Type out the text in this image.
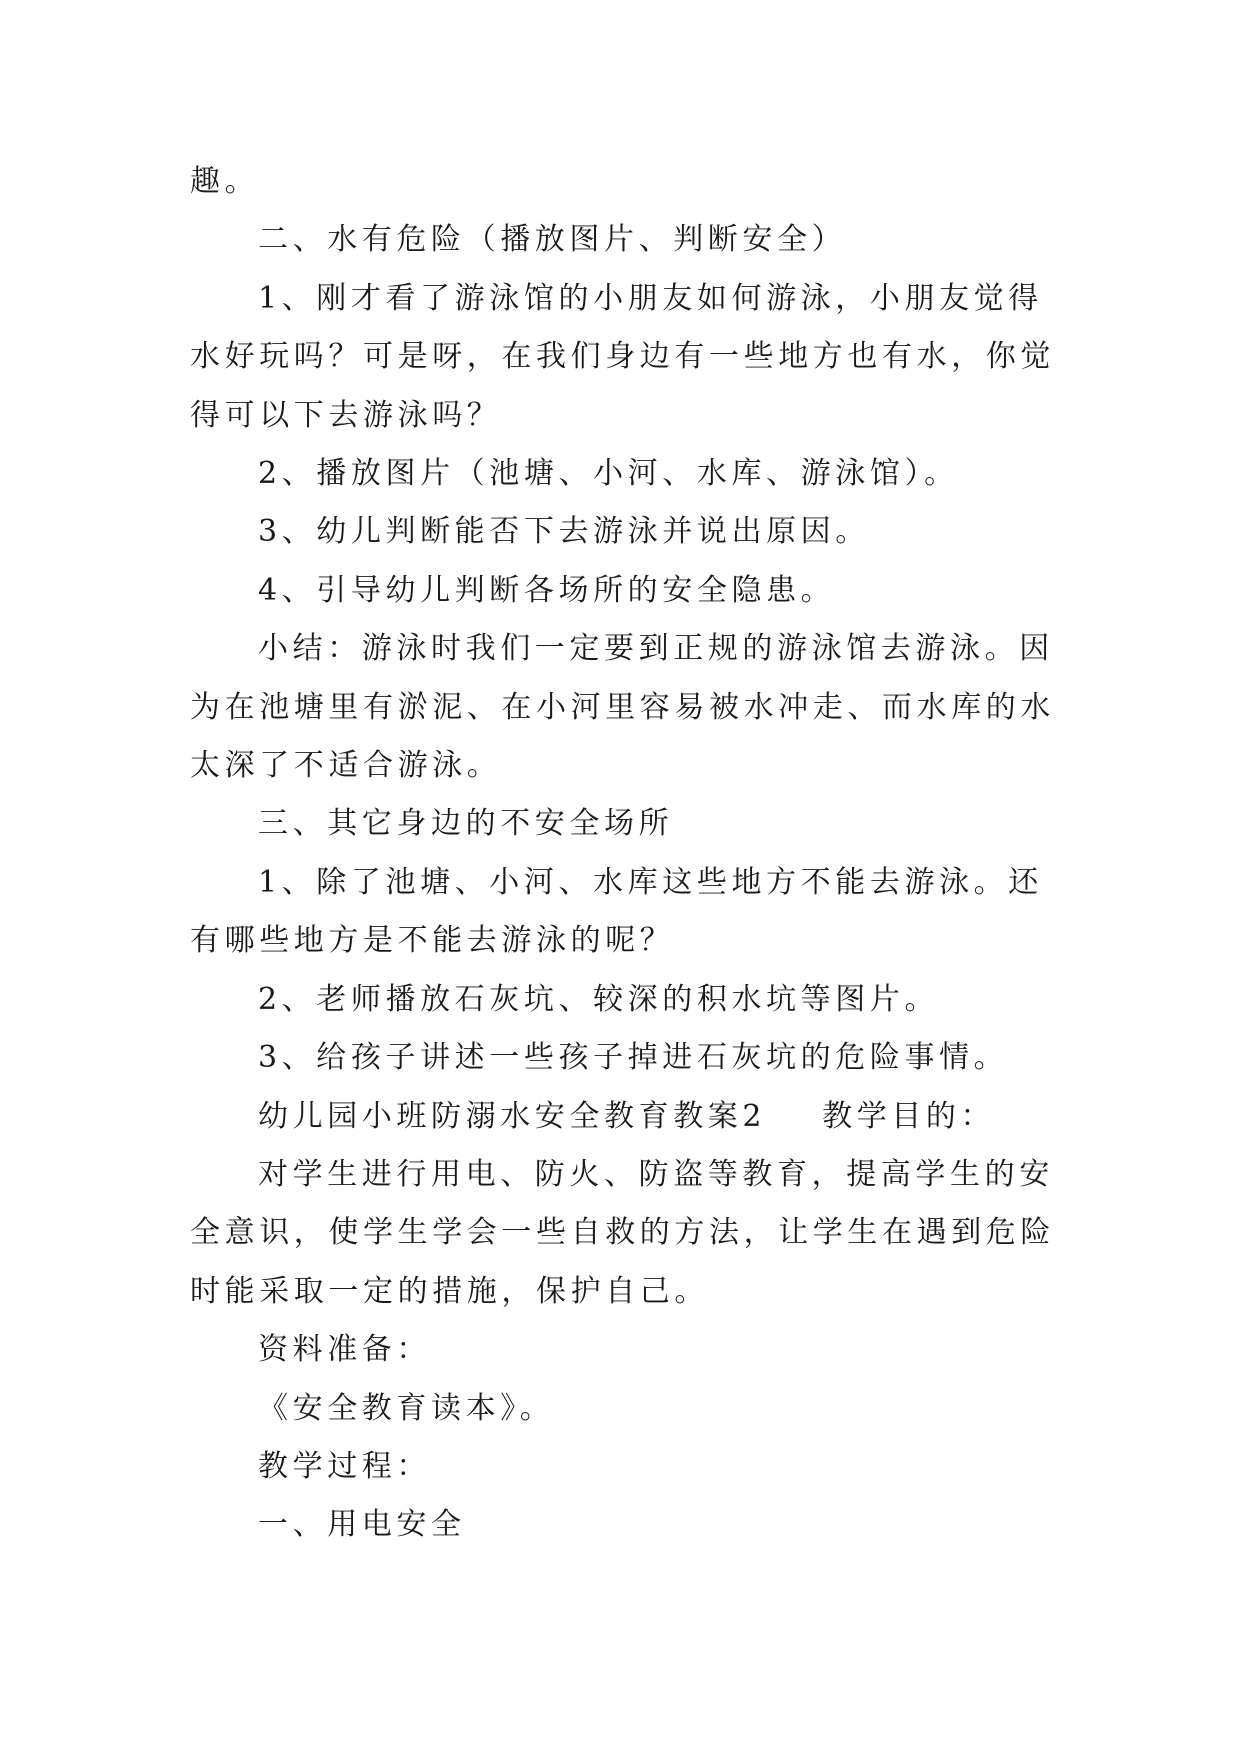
趣。

二、水有危险（播放图片、判断安全）

1、刚才看了游泳馆的小朋友如何游泳，小朋友觉得水好玩吗？可是呀，在我们身边有一些地方也有水，你觉得可以下去游泳吗？

2、播放图片（池塘、小河、水库、游泳馆）。

3、幼儿判断能否下去游泳并说出原因。

4、引导幼儿判断各场所的安全隐患。

小结：游泳时我们一定要到正规的游泳馆去游泳。因为在池塘里有淤泥、在小河里容易被水冲走、而水库的水太深了不适合游泳。

三、其它身边的不安全场所

1、除了池塘、小河、水库这些地方不能去游泳。还有哪些地方是不能去游泳的呢？

2、老师播放石灰坑、较深的积水坑等图片。

3、给孩子讲述一些孩子掉进石灰坑的危险事情。

幼儿园小班防溺水安全教育教案2 教学目的：

对学生进行用电、防火、防盗等教育，提高学生的安全意识，使学生学会一些自救的方法，让学生在遇到危险时能采取一定的措施，保护自己。

资料准备：

《安全教育读本》。

教学过程：

一、用电安全
